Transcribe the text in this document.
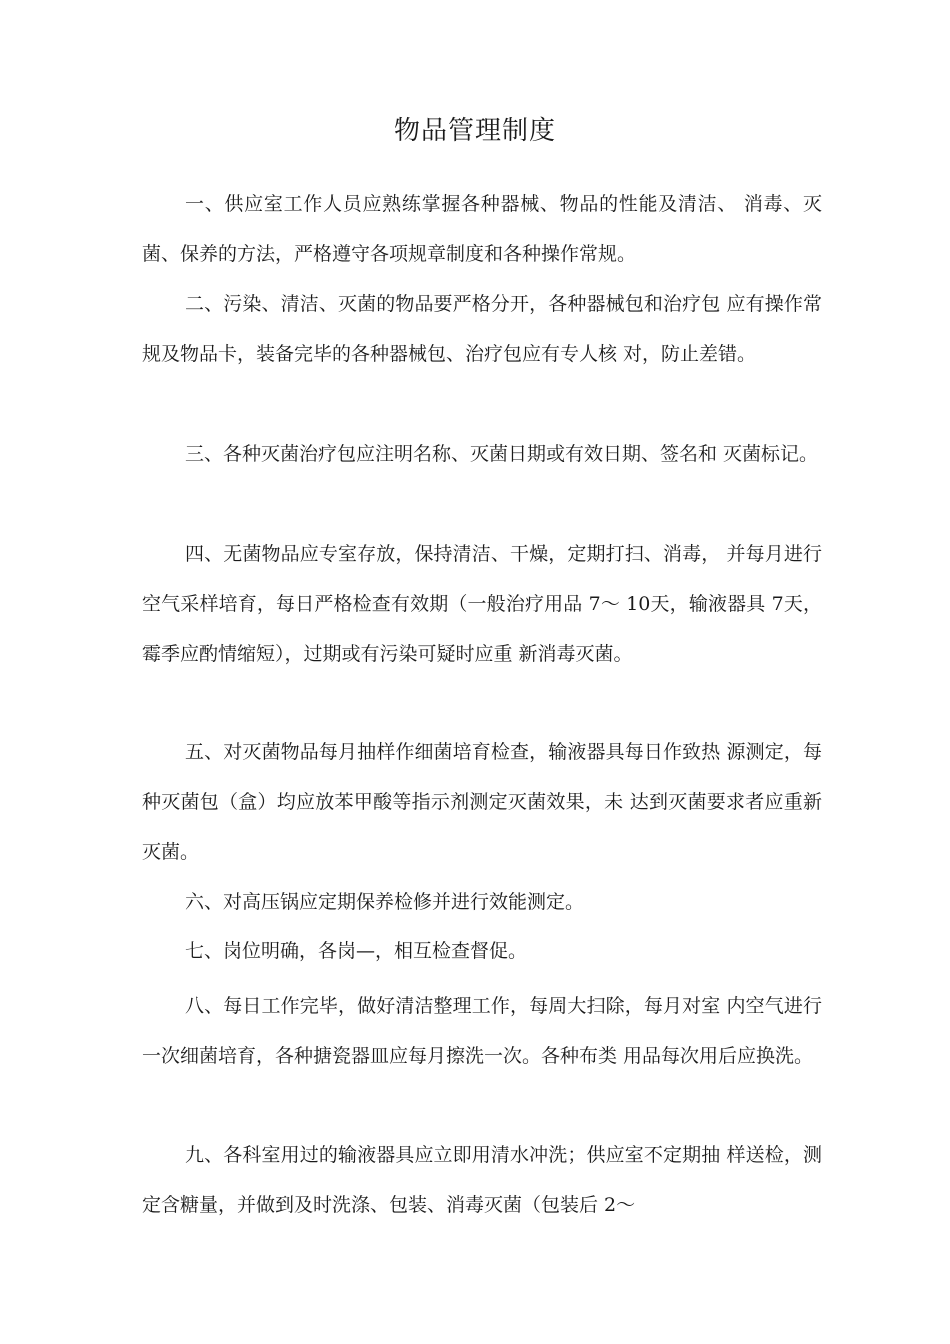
物品管理制度

一、供应室工作人员应熟练掌握各种器械、物品的性能及清洁、 消毒、灭菌、保养的方法，严格遵守各项规章制度和各种操作常规。

二、污染、清洁、灭菌的物品要严格分开，各种器械包和治疗包 应有操作常规及物品卡，装备完毕的各种器械包、治疗包应有专人核 对，防止差错。

三、各种灭菌治疗包应注明名称、灭菌日期或有效日期、签名和 灭菌标记。

四、无菌物品应专室存放，保持清洁、干燥，定期打扫、消毒， 并每月进行空气采样培育，每日严格检查有效期（一般治疗用品 7〜 10天，输液器具 7天，霉季应酌情缩短），过期或有污染可疑时应重 新消毒灭菌。

五、对灭菌物品每月抽样作细菌培育检查，输液器具每日作致热 源测定，每种灭菌包（盒）均应放苯甲酸等指示剂测定灭菌效果，未 达到灭菌要求者应重新灭菌。

六、对高压锅应定期保养检修并进行效能测定。

七、岗位明确，各岗—，相互检查督促。

八、每日工作完毕，做好清洁整理工作，每周大扫除，每月对室 内空气进行一次细菌培育，各种搪瓷器皿应每月擦洗一次。各种布类 用品每次用后应换洗。

九、各科室用过的输液器具应立即用清水冲洗；供应室不定期抽 样送检，测定含糖量，并做到及时洗涤、包装、消毒灭菌（包装后 2〜
